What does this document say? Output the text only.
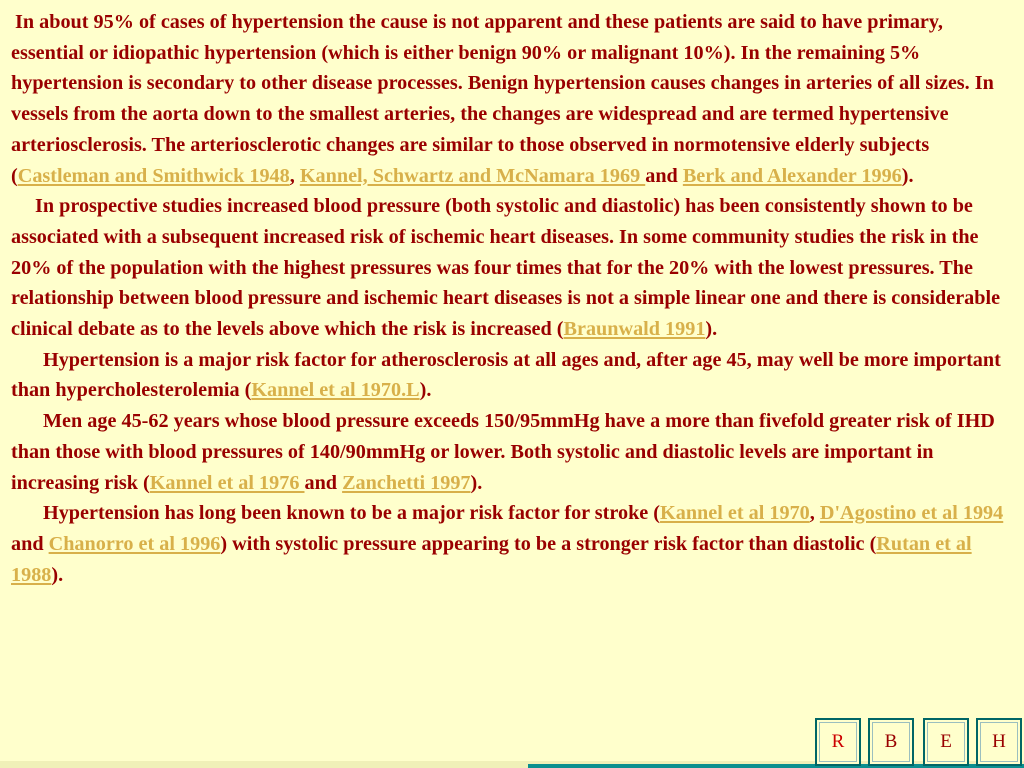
In about 95% of cases of hypertension the cause is not apparent and these patients are said to have primary, essential or idiopathic hypertension (which is either benign 90% or malignant 10%). In the remaining 5% hypertension is secondary to other disease processes. Benign hypertension causes changes in arteries of all sizes. In vessels from the aorta down to the smallest arteries, the changes are widespread and are termed hypertensive arteriosclerosis. The arteriosclerotic changes are similar to those observed in normotensive elderly subjects (Castleman and Smithwick 1948, Kannel, Schwartz and McNamara 1969 and Berk and Alexander 1996).

In prospective studies increased blood pressure (both systolic and diastolic) has been consistently shown to be associated with a subsequent increased risk of ischemic heart diseases. In some community studies the risk in the 20% of the population with the highest pressures was four times that for the 20% with the lowest pressures. The relationship between blood pressure and ischemic heart diseases is not a simple linear one and there is considerable clinical debate as to the levels above which the risk is increased (Braunwald 1991).

Hypertension is a major risk factor for atherosclerosis at all ages and, after age 45, may well be more important than hypercholesterolemia (Kannel et al 1970.L).

Men age 45-62 years whose blood pressure exceeds 150/95mmHg have a more than fivefold greater risk of IHD than those with blood pressures of 140/90mmHg or lower. Both systolic and diastolic levels are important in increasing risk (Kannel et al 1976 and Zanchetti 1997).

Hypertension has long been known to be a major risk factor for stroke (Kannel et al 1970, D'Agostino et al 1994 and Chanorro et al 1996) with systolic pressure appearing to be a stronger risk factor than diastolic (Rutan et al 1988).

R B E H
